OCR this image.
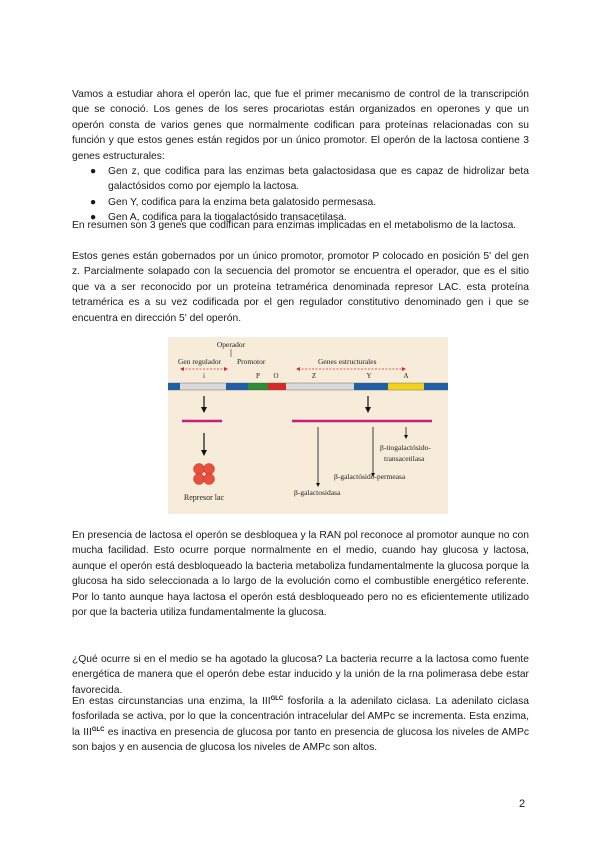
Vamos a estudiar ahora el operón lac, que fue el primer mecanismo de control de la transcripción que se conoció. Los genes de los seres procariotas están organizados en operones y que un operón consta de varios genes que normalmente codifican para proteínas relacionadas con su función y que estos genes están regidos por un único promotor. El operón de la lactosa contiene 3 genes estructurales:

● Gen z, que codifica para las enzimas beta galactosidasa que es capaz de hidrolizar beta galactósidos como por ejemplo la lactosa.
● Gen Y, codifica para la enzima beta galatosido permesasa.
● Gen A, codifica para la tiogalactósido transacetilasa.

En resumen son 3 genes que codifican para enzimas implicadas en el metabolismo de la lactosa.

Estos genes están gobernados por un único promotor, promotor P colocado en posición 5' del gen z. Parcialmente solapado con la secuencia del promotor se encuentra el operador, que es el sitio que va a ser reconocido por un proteína tetramérica denominada represor LAC. esta proteína tetramérica es a su vez codificada por el gen regulador constitutivo denominado gen i que se encuentra en dirección 5' del operón.

Operador
Gen regulador Promotor	Genes estructurales
i	P O	Z	Y	A
Represor lac
β-tiogalactósido-
transacetilasa
β-galactósido-permeasa
β-galactosidasa

En presencia de lactosa el operón se desbloquea y la RAN pol reconoce al promotor aunque no con mucha facilidad. Esto ocurre porque normalmente en el medio, cuando hay glucosa y lactosa, aunque el operón está desbloqueado la bacteria metaboliza fundamentalmente la glucosa porque la glucosa ha sido seleccionada a lo largo de la evolución como el combustible energético referente. Por lo tanto aunque haya lactosa el operón está desbloqueado pero no es eficientemente utilizado por que la bacteria utiliza fundamentalmente la glucosa.

¿Qué ocurre si en el medio se ha agotado la glucosa? La bacteria recurre a la lactosa como fuente energética de manera que el operón debe estar inducido y la unión de la rna polimerasa debe estar favorecida.

En estas circunstancias una enzima, la $III^{GLC}$ fosforila a la adenilato ciclasa. La adenilato ciclasa fosforilada se activa, por lo que la concentración intracelular del AMPc se incrementa. Esta enzima, la $III^{GLC}$ es inactiva en presencia de glucosa por tanto en presencia de glucosa los niveles de AMPc son bajos y en ausencia de glucosa los niveles de AMPc son altos.

2
